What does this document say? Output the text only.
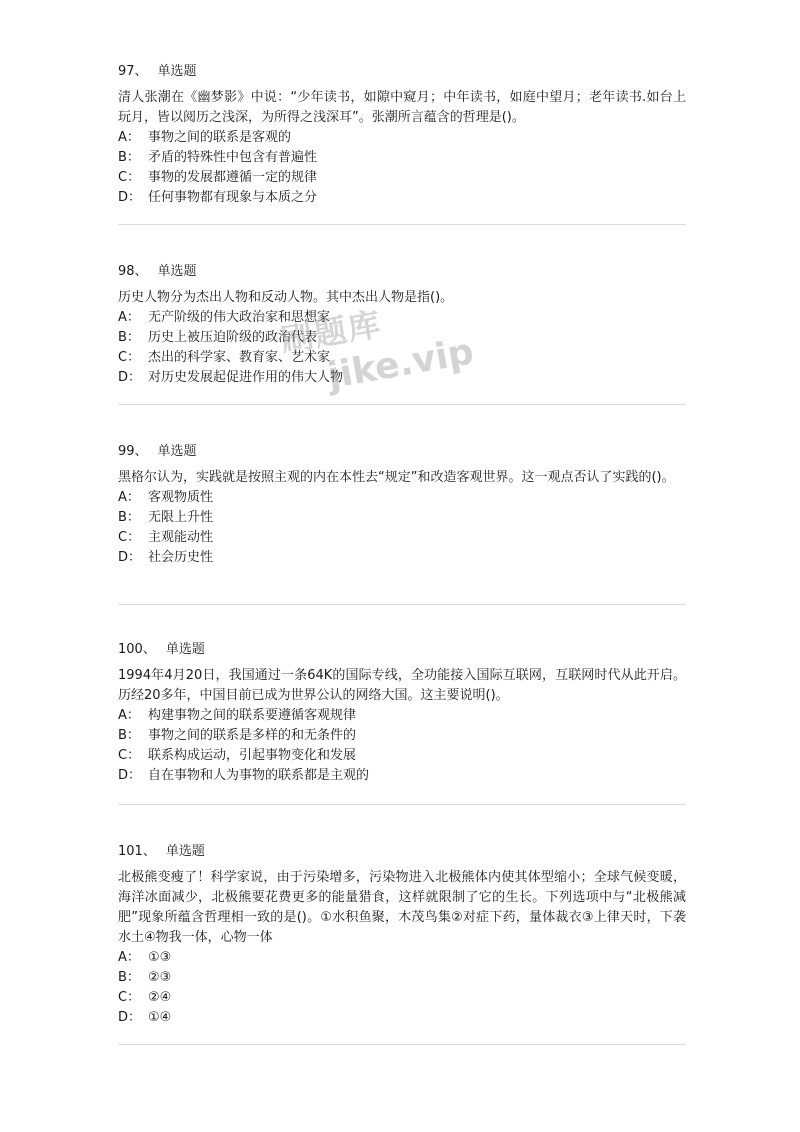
97、 单选题
清人张潮在《幽梦影》中说：“少年读书，如隙中窥月；中年读书，如庭中望月；老年读书.如台上玩月，皆以阅历之浅深，为所得之浅深耳”。张潮所言蕴含的哲理是()。
A： 事物之间的联系是客观的
B： 矛盾的特殊性中包含有普遍性
C： 事物的发展都遵循一定的规律
D： 任何事物都有现象与本质之分
98、 单选题
历史人物分为杰出人物和反动人物。其中杰出人物是指()。
A： 无产阶级的伟大政治家和思想家
B： 历史上被压迫阶级的政治代表
C： 杰出的科学家、教育家、艺术家
D： 对历史发展起促进作用的伟大人物
99、 单选题
黑格尔认为，实践就是按照主观的内在本性去“规定”和改造客观世界。这一观点否认了实践的()。
A： 客观物质性
B： 无限上升性
C： 主观能动性
D： 社会历史性
100、 单选题
1994年4月20日，我国通过一条64K的国际专线，全功能接入国际互联网，互联网时代从此开启。历经20多年，中国目前已成为世界公认的网络大国。这主要说明()。
A： 构建事物之间的联系要遵循客观规律
B： 事物之间的联系是多样的和无条件的
C： 联系构成运动，引起事物变化和发展
D： 自在事物和人为事物的联系都是主观的
101、 单选题
北极熊变瘦了！科学家说，由于污染增多，污染物进入北极熊体内使其体型缩小；全球气候变暖，海洋冰面减少，北极熊要花费更多的能量猎食，这样就限制了它的生长。下列选项中与“北极熊减肥”现象所蕴含哲理相一致的是()。①水积鱼聚，木茂鸟集②对症下药，量体裁衣③上律天时，下袭水土④物我一体，心物一体
A： ①③
B： ②③
C： ②④
D： ①④
刷题库
jike.vip
